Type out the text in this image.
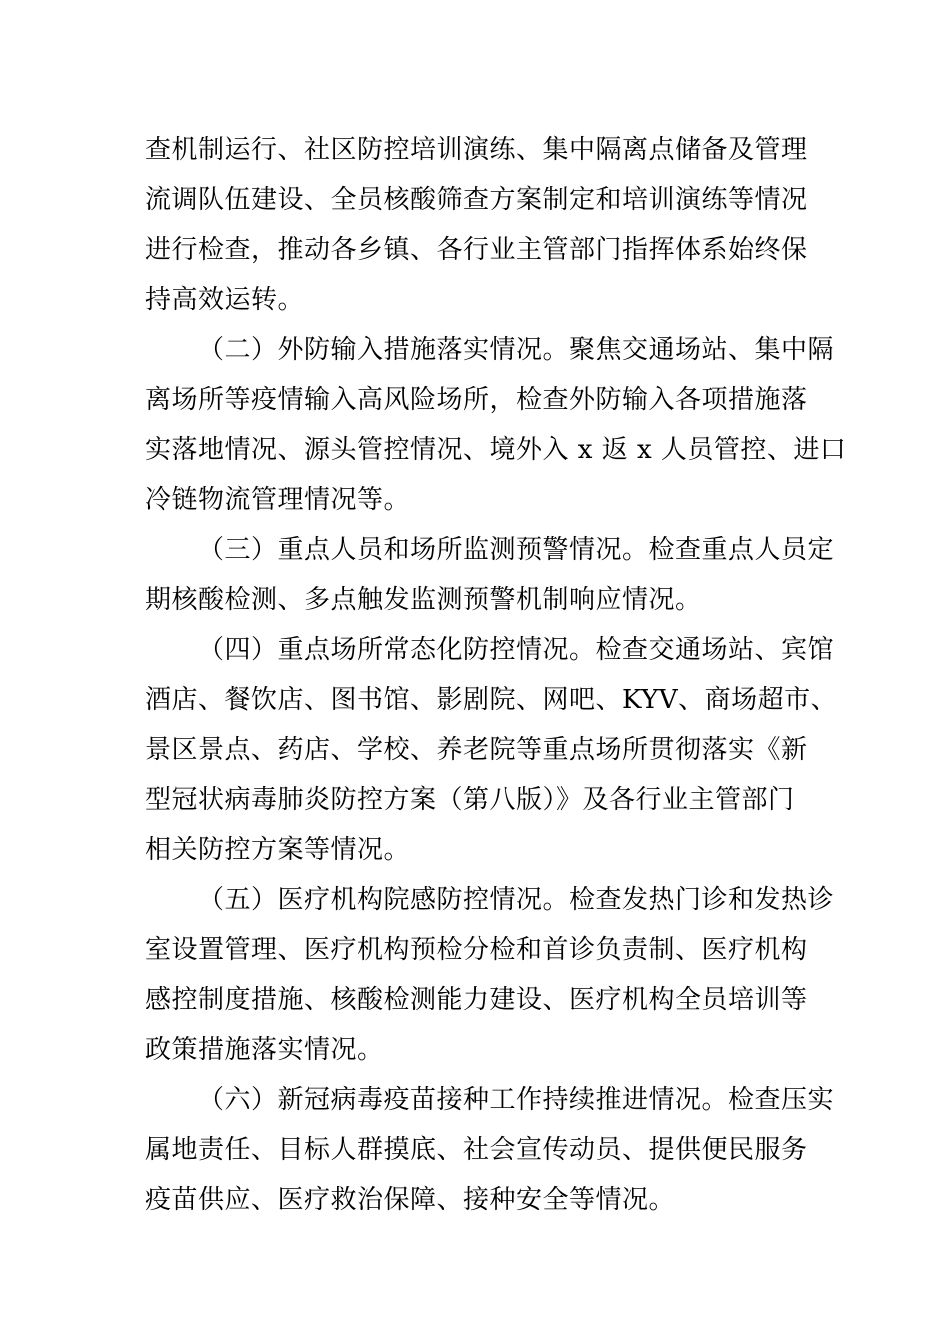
查机制运行、社区防控培训演练、集中隔离点储备及管理
流调队伍建设、全员核酸筛查方案制定和培训演练等情况
进行检查，推动各乡镇、各行业主管部门指挥体系始终保
持高效运转。
（二）外防输入措施落实情况。聚焦交通场站、集中隔
离场所等疫情输入高风险场所，检查外防输入各项措施落
实落地情况、源头管控情况、境外入 x 返 x 人员管控、进口
冷链物流管理情况等。
（三）重点人员和场所监测预警情况。检查重点人员定
期核酸检测、多点触发监测预警机制响应情况。
（四）重点场所常态化防控情况。检查交通场站、宾馆
酒店、餐饮店、图书馆、影剧院、网吧、KYV、商场超市、
景区景点、药店、学校、养老院等重点场所贯彻落实《新
型冠状病毒肺炎防控方案（第八版）》及各行业主管部门
相关防控方案等情况。
（五）医疗机构院感防控情况。检查发热门诊和发热诊
室设置管理、医疗机构预检分检和首诊负责制、医疗机构
感控制度措施、核酸检测能力建设、医疗机构全员培训等
政策措施落实情况。
（六）新冠病毒疫苗接种工作持续推进情况。检查压实
属地责任、目标人群摸底、社会宣传动员、提供便民服务
疫苗供应、医疗救治保障、接种安全等情况。
